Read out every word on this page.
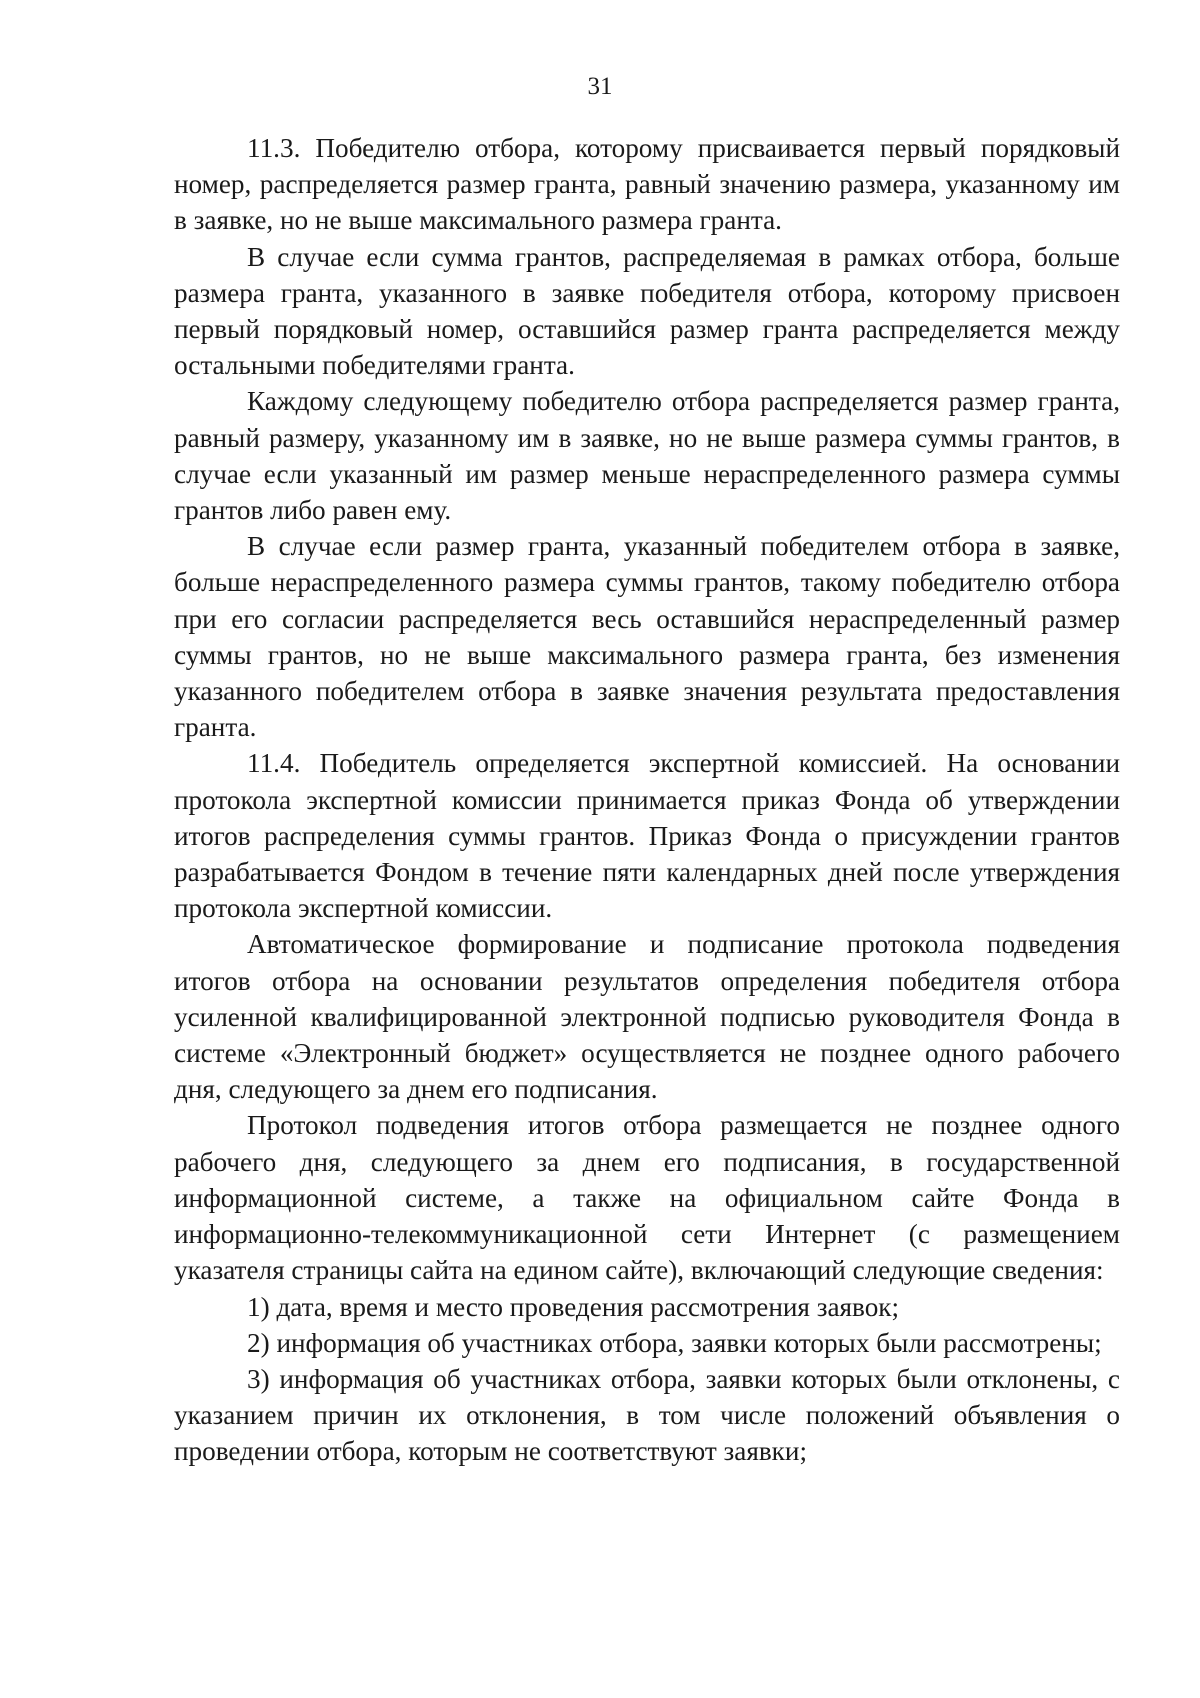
31

11.3. Победителю отбора, которому присваивается первый порядковый номер, распределяется размер гранта, равный значению размера, указанному им в заявке, но не выше максимального размера гранта.

В случае если сумма грантов, распределяемая в рамках отбора, больше размера гранта, указанного в заявке победителя отбора, которому присвоен первый порядковый номер, оставшийся размер гранта распределяется между остальными победителями гранта.

Каждому следующему победителю отбора распределяется размер гранта, равный размеру, указанному им в заявке, но не выше размера суммы грантов, в случае если указанный им размер меньше нераспределенного размера суммы грантов либо равен ему.

В случае если размер гранта, указанный победителем отбора в заявке, больше нераспределенного размера суммы грантов, такому победителю отбора при его согласии распределяется весь оставшийся нераспределенный размер суммы грантов, но не выше максимального размера гранта, без изменения указанного победителем отбора в заявке значения результата предоставления гранта.

11.4. Победитель определяется экспертной комиссией. На основании протокола экспертной комиссии принимается приказ Фонда об утверждении итогов распределения суммы грантов. Приказ Фонда о присуждении грантов разрабатывается Фондом в течение пяти календарных дней после утверждения протокола экспертной комиссии.

Автоматическое формирование и подписание протокола подведения итогов отбора на основании результатов определения победителя отбора усиленной квалифицированной электронной подписью руководителя Фонда в системе «Электронный бюджет» осуществляется не позднее одного рабочего дня, следующего за днем его подписания.

Протокол подведения итогов отбора размещается не позднее одного рабочего дня, следующего за днем его подписания, в государственной информационной системе, а также на официальном сайте Фонда в информационно-телекоммуникационной сети Интернет (с размещением указателя страницы сайта на едином сайте), включающий следующие сведения:

1) дата, время и место проведения рассмотрения заявок;

2) информация об участниках отбора, заявки которых были рассмотрены;

3) информация об участниках отбора, заявки которых были отклонены, с указанием причин их отклонения, в том числе положений объявления о проведении отбора, которым не соответствуют заявки;
